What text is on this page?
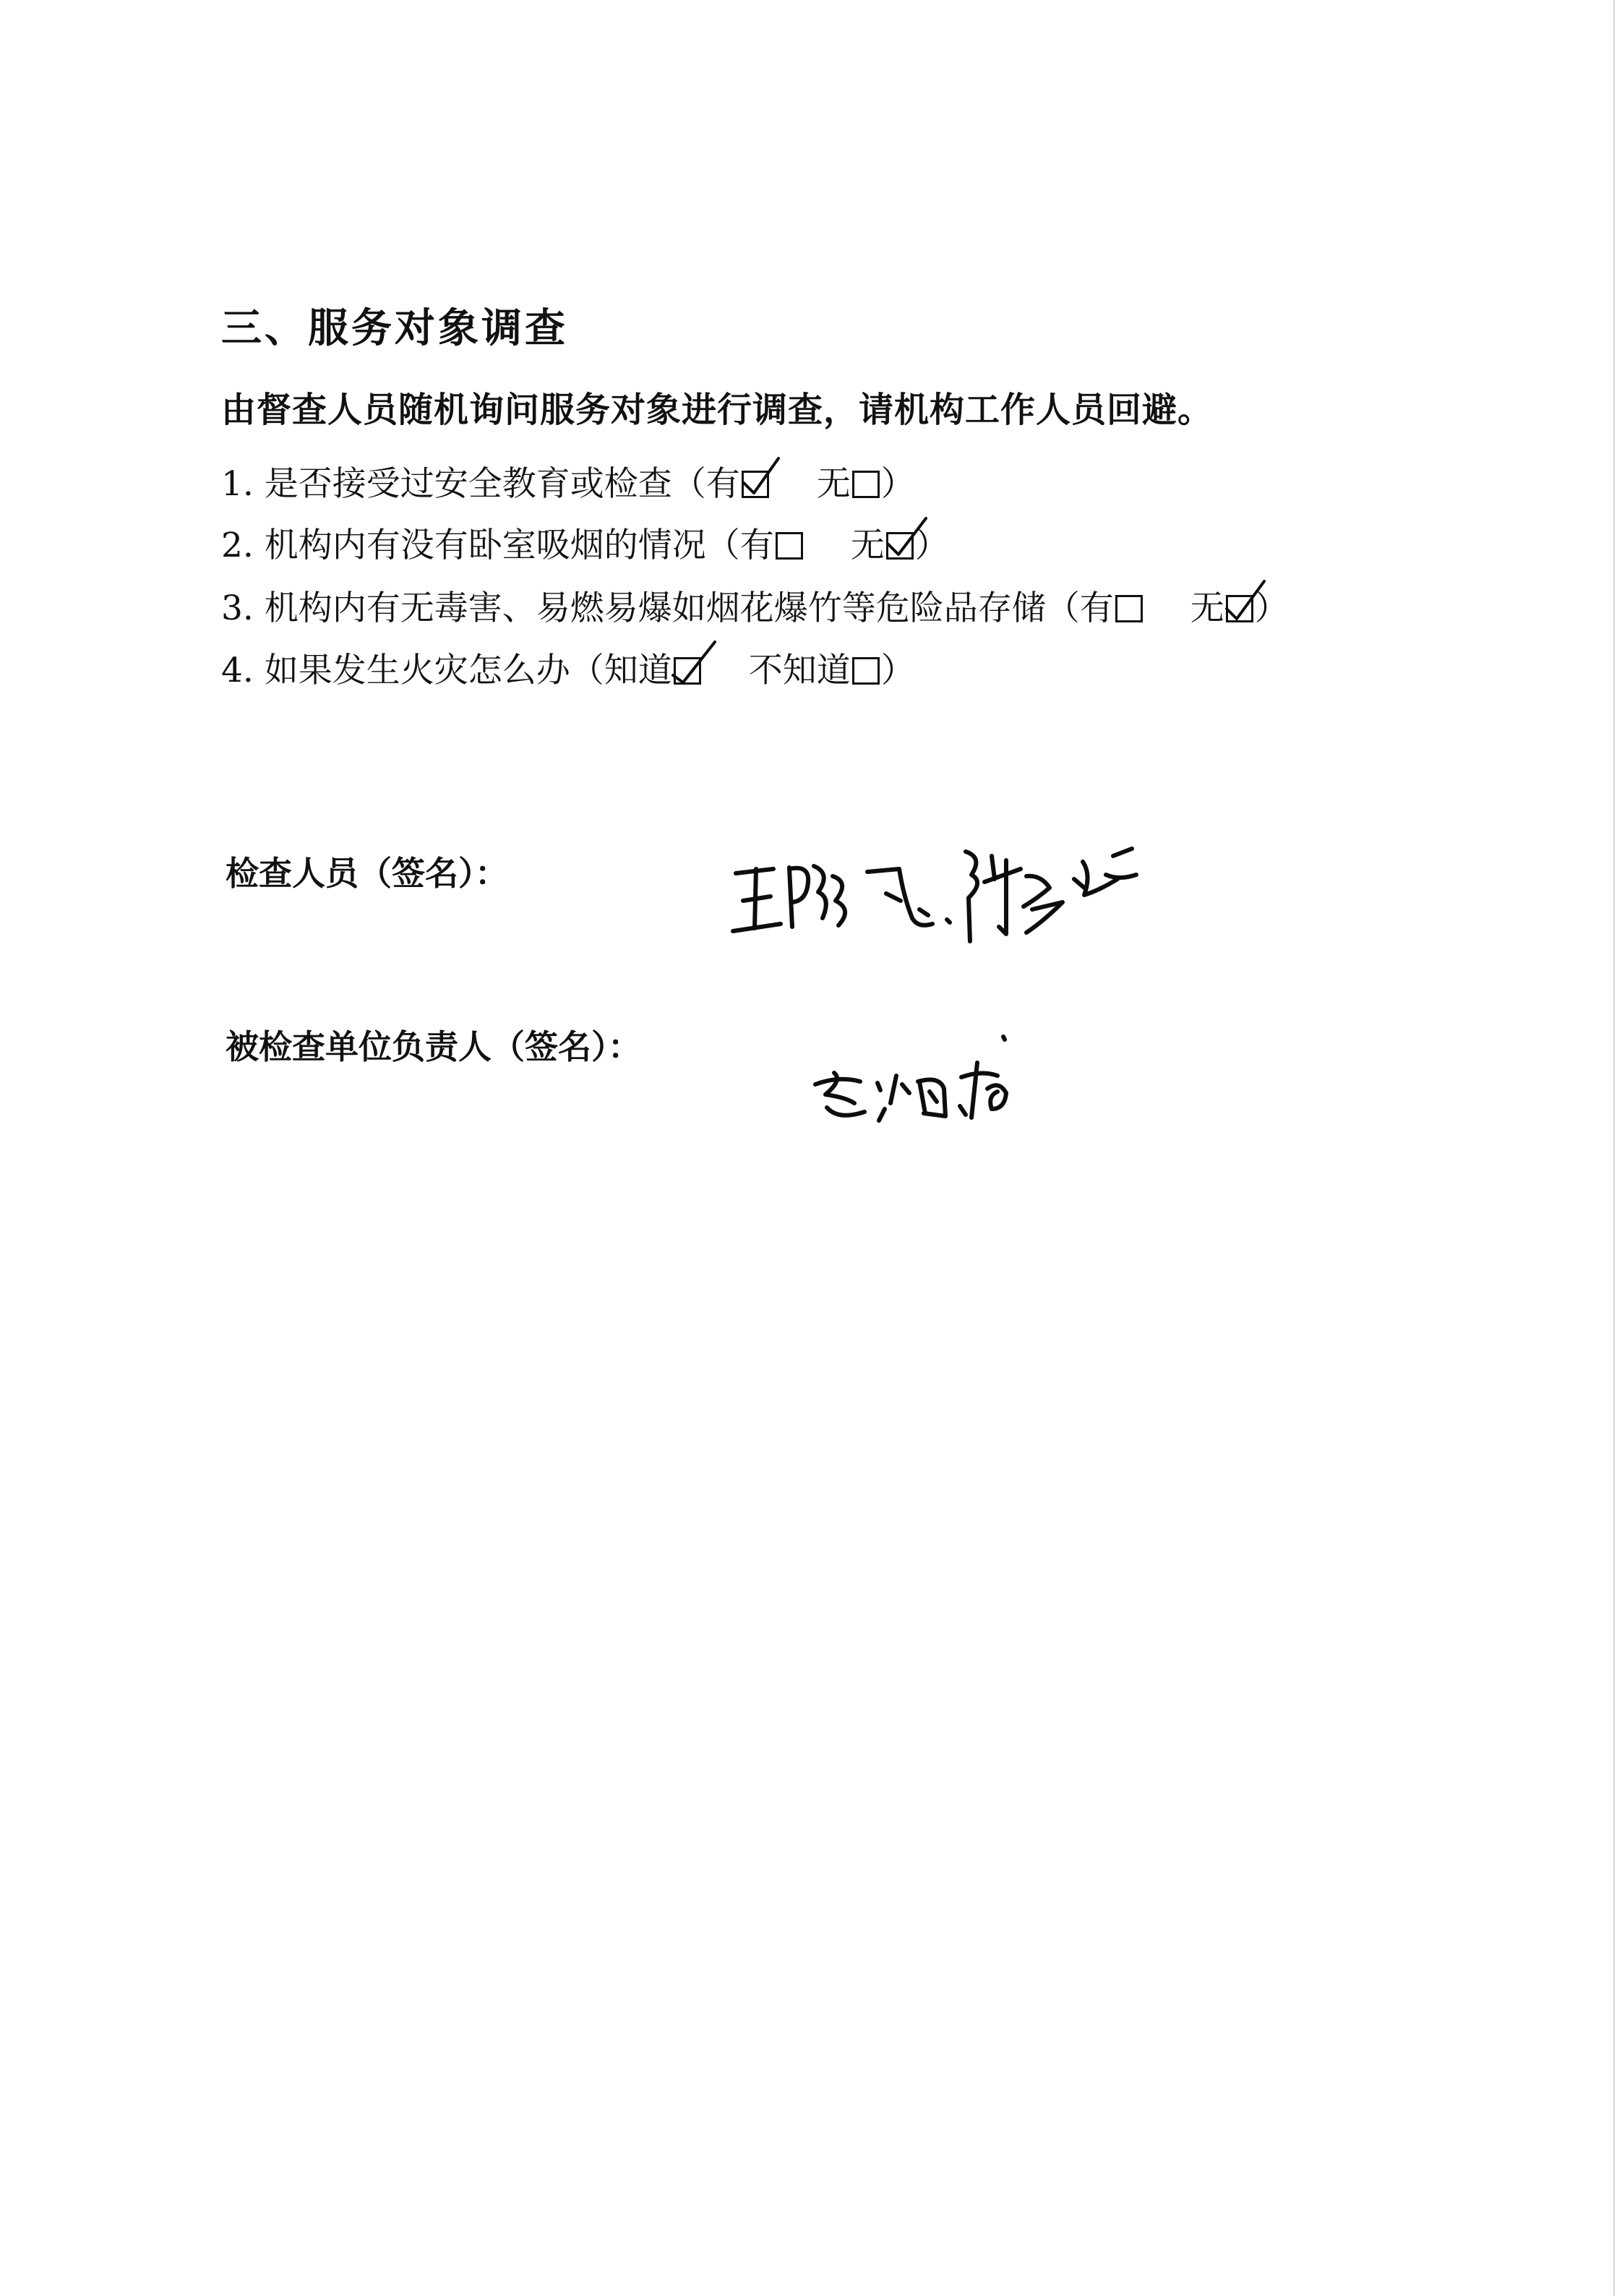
三、服务对象调查
由督查人员随机询问服务对象进行调查，请机构工作人员回避。
1. 是否接受过安全教育或检查（有 无 ）
2. 机构内有没有卧室吸烟的情况（有 无 ）
3. 机构内有无毒害、易燃易爆如烟花爆竹等危险品存储（有 无 ）
4. 如果发生火灾怎么办（知道 不知道 ）
检查人员（签名）：
被检查单位负责人（签名）：
